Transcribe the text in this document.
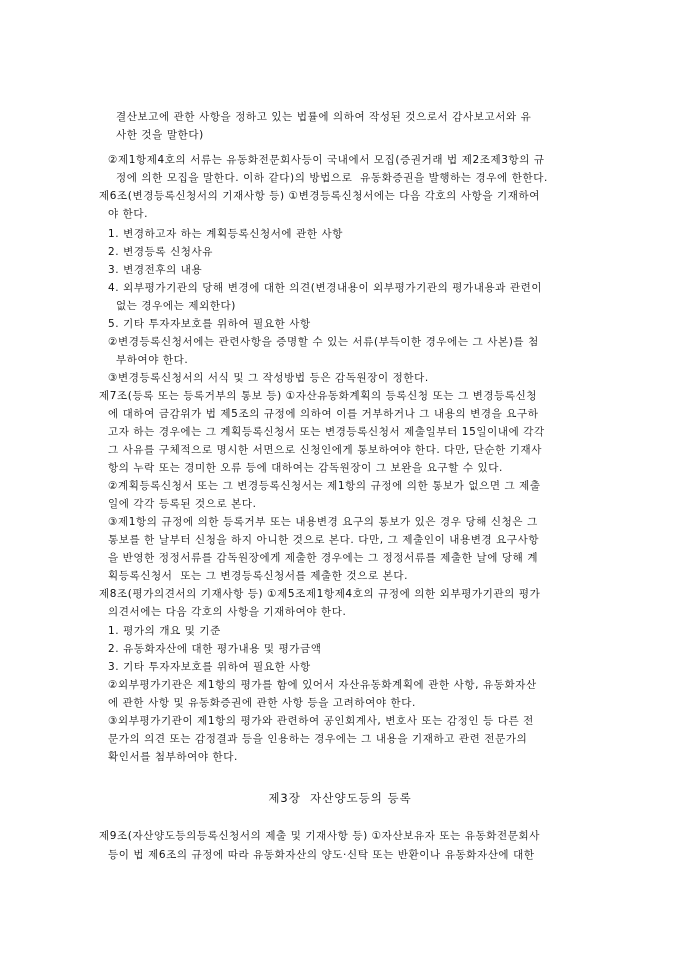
결산보고에 관한 사항을 정하고 있는 법률에 의하여 작성된 것으로서 감사보고서와 유
사한 것을 말한다)
②제1항제4호의 서류는 유동화전문회사등이 국내에서 모집(증권거래 법 제2조제3항의 규
정에 의한 모집을 말한다. 이하 같다)의 방법으로  유동화증권을 발행하는 경우에 한한다.
제6조(변경등록신청서의 기재사항 등) ①변경등록신청서에는 다음 각호의 사항을 기재하여
야 한다.
1. 변경하고자 하는 계획등록신청서에 관한 사항
2. 변경등록 신청사유
3. 변경전후의 내용
4. 외부평가기관의 당해 변경에 대한 의견(변경내용이 외부평가기관의 평가내용과 관련이
없는 경우에는 제외한다)
5. 기타 투자자보호를 위하여 필요한 사항
②변경등록신청서에는 관련사항을 증명할 수 있는 서류(부득이한 경우에는 그 사본)를 첨
부하여야 한다.
③변경등록신청서의 서식 및 그 작성방법 등은 감독원장이 정한다.
제7조(등록 또는 등록거부의 통보 등) ①자산유동화계획의 등록신청 또는 그 변경등록신청
에 대하여 금감위가 법 제5조의 규정에 의하여 이를 거부하거나 그 내용의 변경을 요구하
고자 하는 경우에는 그 계획등록신청서 또는 변경등록신청서 제출일부터 15일이내에 각각
그 사유를 구체적으로 명시한 서면으로 신청인에게 통보하여야 한다. 다만, 단순한 기재사
항의 누락 또는 경미한 오류 등에 대하여는 감독원장이 그 보완을 요구할 수 있다.
②계획등록신청서 또는 그 변경등록신청서는 제1항의 규정에 의한 통보가 없으면 그 제출
일에 각각 등록된 것으로 본다.
③제1항의 규정에 의한 등록거부 또는 내용변경 요구의 통보가 있은 경우 당해 신청은 그
통보를 한 날부터 신청을 하지 아니한 것으로 본다. 다만, 그 제출인이 내용변경 요구사항
을 반영한 정정서류를 감독원장에게 제출한 경우에는 그 정정서류를 제출한 날에 당해 계
획등록신청서  또는 그 변경등록신청서를 제출한 것으로 본다.
제8조(평가의견서의 기재사항 등) ①제5조제1항제4호의 규정에 의한 외부평가기관의 평가
의견서에는 다음 각호의 사항을 기재하여야 한다.
1. 평가의 개요 및 기준
2. 유동화자산에 대한 평가내용 및 평가금액
3. 기타 투자자보호를 위하여 필요한 사항
②외부평가기관은 제1항의 평가를 함에 있어서 자산유동화계획에 관한 사항, 유동화자산
에 관한 사항 및 유동화증권에 관한 사항 등을 고려하여야 한다.
③외부평가기관이 제1항의 평가와 관련하여 공인회계사, 변호사 또는 감정인 등 다른 전
문가의 의견 또는 감정결과 등을 인용하는 경우에는 그 내용을 기재하고 관련 전문가의
확인서를 첨부하여야 한다.
제3장  자산양도등의 등록
제9조(자산양도등의등록신청서의 제출 및 기재사항 등) ①자산보유자 또는 유동화전문회사
등이 법 제6조의 규정에 따라 유동화자산의 양도·신탁 또는 반환이나 유동화자산에 대한
